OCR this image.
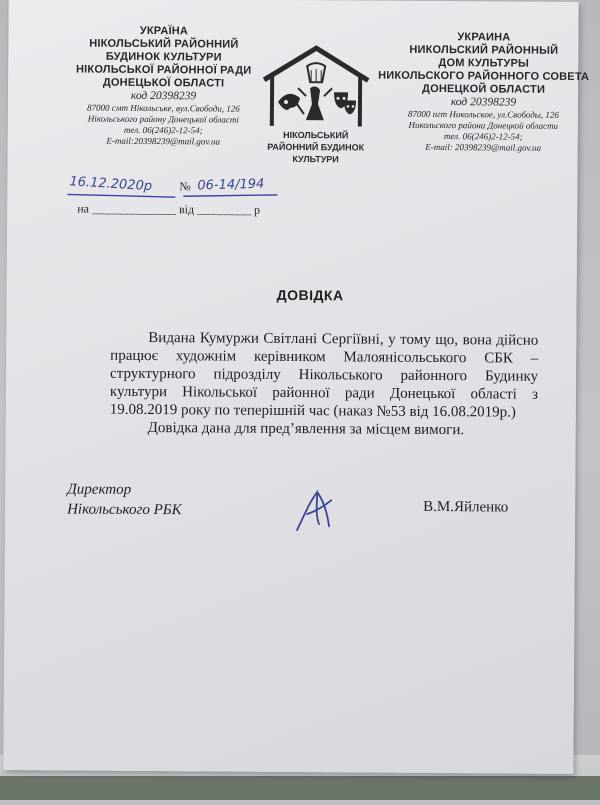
УКРАЇНА
НІКОЛЬСЬКИЙ РАЙОННИЙ
БУДИНОК КУЛЬТУРИ
НІКОЛЬСЬКОЇ РАЙОННОЇ РАДИ
ДОНЕЦЬКОЇ ОБЛАСТІ
код 20398239
87000 смт Нікольське, вул.Свободи, 126
Нікольського району Донецької області
тел. 06(246)2-12-54;
E-mail:20398239@mail.gov.ua
НІКОЛЬСЬКИЙ
РАЙОННИЙ БУДИНОК
КУЛЬТУРИ
УКРАИНА
НИКОЛЬСКИЙ РАЙОННЫЙ
ДОМ КУЛЬТУРЫ
НИКОЛЬСКОГО РАЙОННОГО СОВЕТА
ДОНЕЦКОЙ ОБЛАСТИ
код 20398239
87000 пгт Никольское, ул.Свободы, 126
Никольского района Донецкой области
тел. 06(246)2-12-54;
E-mail: 20398239@mail.gov.ua
16.12.2020р № 06-14/194
на ______________ від _________ р
ДОВІДКА

Видана Кумуржи Світлані Сергіївні, у тому що, вона дійсно працює художнім керівником Малоянісольського СБК – структурного підрозділу Нікольського районного Будинку культури Нікольської районної ради Донецької області з 19.08.2019 року по теперішній час (наказ №53 від 16.08.2019р.)

Довідка дана для пред’явлення за місцем вимоги.

Директор
Нікольського РБК	В.М.Яйленко
